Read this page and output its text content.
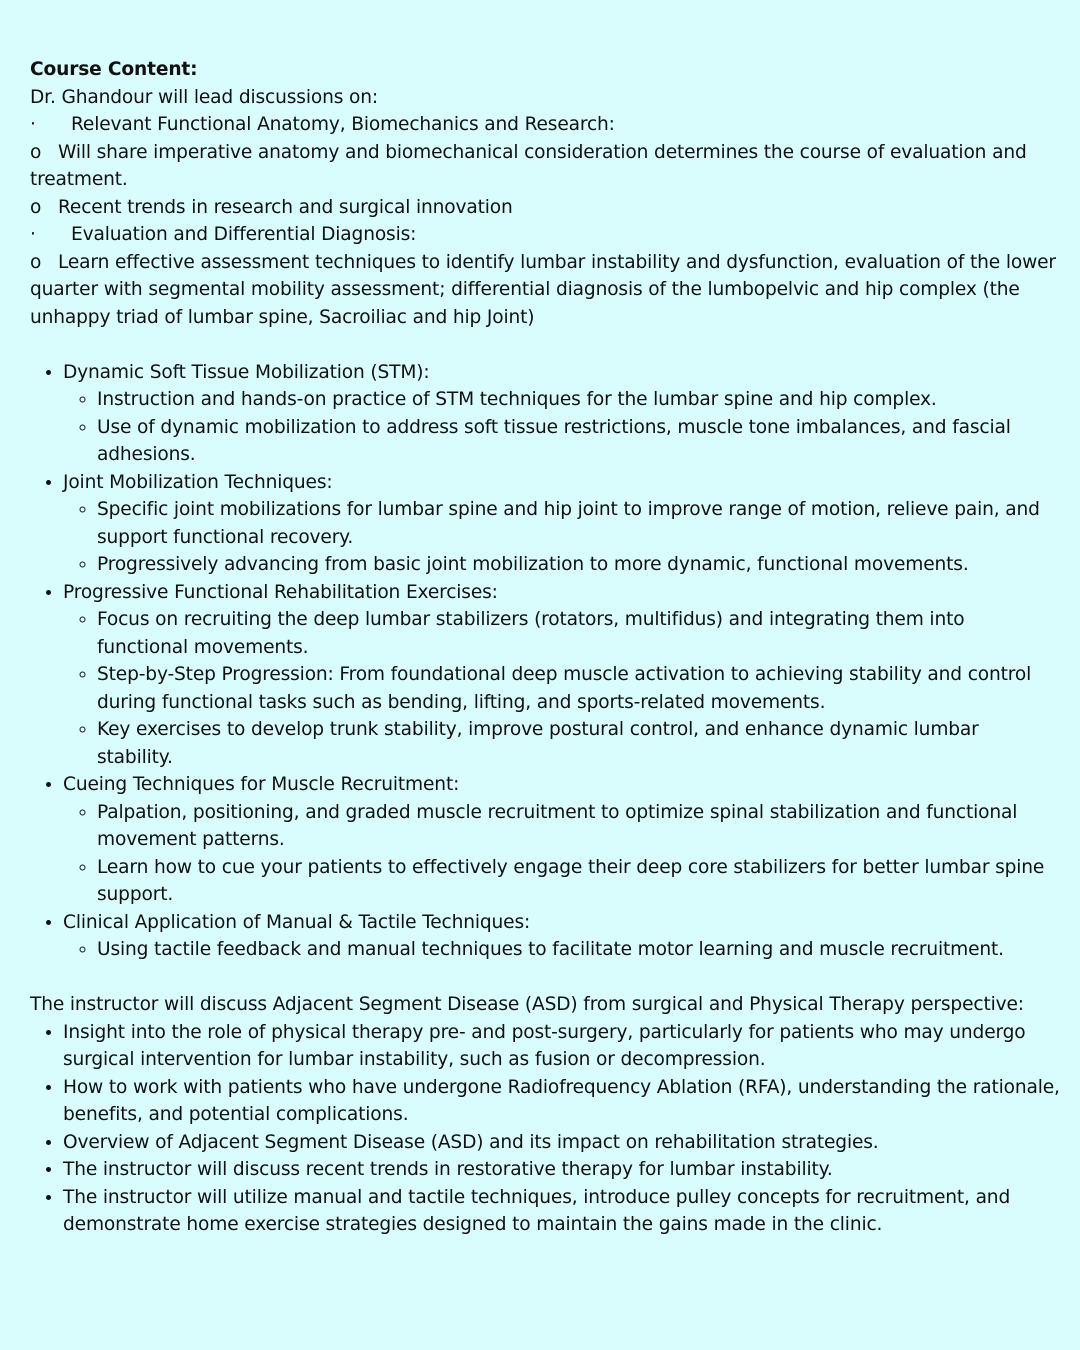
Course Content:

Dr. Ghandour will lead discussions on:

· Relevant Functional Anatomy, Biomechanics and Research:

o Will share imperative anatomy and biomechanical consideration determines the course of evaluation and treatment.

o Recent trends in research and surgical innovation

· Evaluation and Differential Diagnosis:

o Learn effective assessment techniques to identify lumbar instability and dysfunction, evaluation of the lower quarter with segmental mobility assessment; differential diagnosis of the lumbopelvic and hip complex (the unhappy triad of lumbar spine, Sacroiliac and hip Joint)

• Dynamic Soft Tissue Mobilization (STM):
◦ Instruction and hands-on practice of STM techniques for the lumbar spine and hip complex.
◦ Use of dynamic mobilization to address soft tissue restrictions, muscle tone imbalances, and fascial adhesions.
• Joint Mobilization Techniques:
◦ Specific joint mobilizations for lumbar spine and hip joint to improve range of motion, relieve pain, and support functional recovery.
◦ Progressively advancing from basic joint mobilization to more dynamic, functional movements.
• Progressive Functional Rehabilitation Exercises:
◦ Focus on recruiting the deep lumbar stabilizers (rotators, multifidus) and integrating them into functional movements.
◦ Step-by-Step Progression: From foundational deep muscle activation to achieving stability and control during functional tasks such as bending, lifting, and sports-related movements.
◦ Key exercises to develop trunk stability, improve postural control, and enhance dynamic lumbar stability.
• Cueing Techniques for Muscle Recruitment:
◦ Palpation, positioning, and graded muscle recruitment to optimize spinal stabilization and functional movement patterns.
◦ Learn how to cue your patients to effectively engage their deep core stabilizers for better lumbar spine support.
• Clinical Application of Manual & Tactile Techniques:
◦ Using tactile feedback and manual techniques to facilitate motor learning and muscle recruitment.

The instructor will discuss Adjacent Segment Disease (ASD) from surgical and Physical Therapy perspective:

• Insight into the role of physical therapy pre- and post-surgery, particularly for patients who may undergo surgical intervention for lumbar instability, such as fusion or decompression.
• How to work with patients who have undergone Radiofrequency Ablation (RFA), understanding the rationale, benefits, and potential complications.
• Overview of Adjacent Segment Disease (ASD) and its impact on rehabilitation strategies.
• The instructor will discuss recent trends in restorative therapy for lumbar instability.
• The instructor will utilize manual and tactile techniques, introduce pulley concepts for recruitment, and demonstrate home exercise strategies designed to maintain the gains made in the clinic.
